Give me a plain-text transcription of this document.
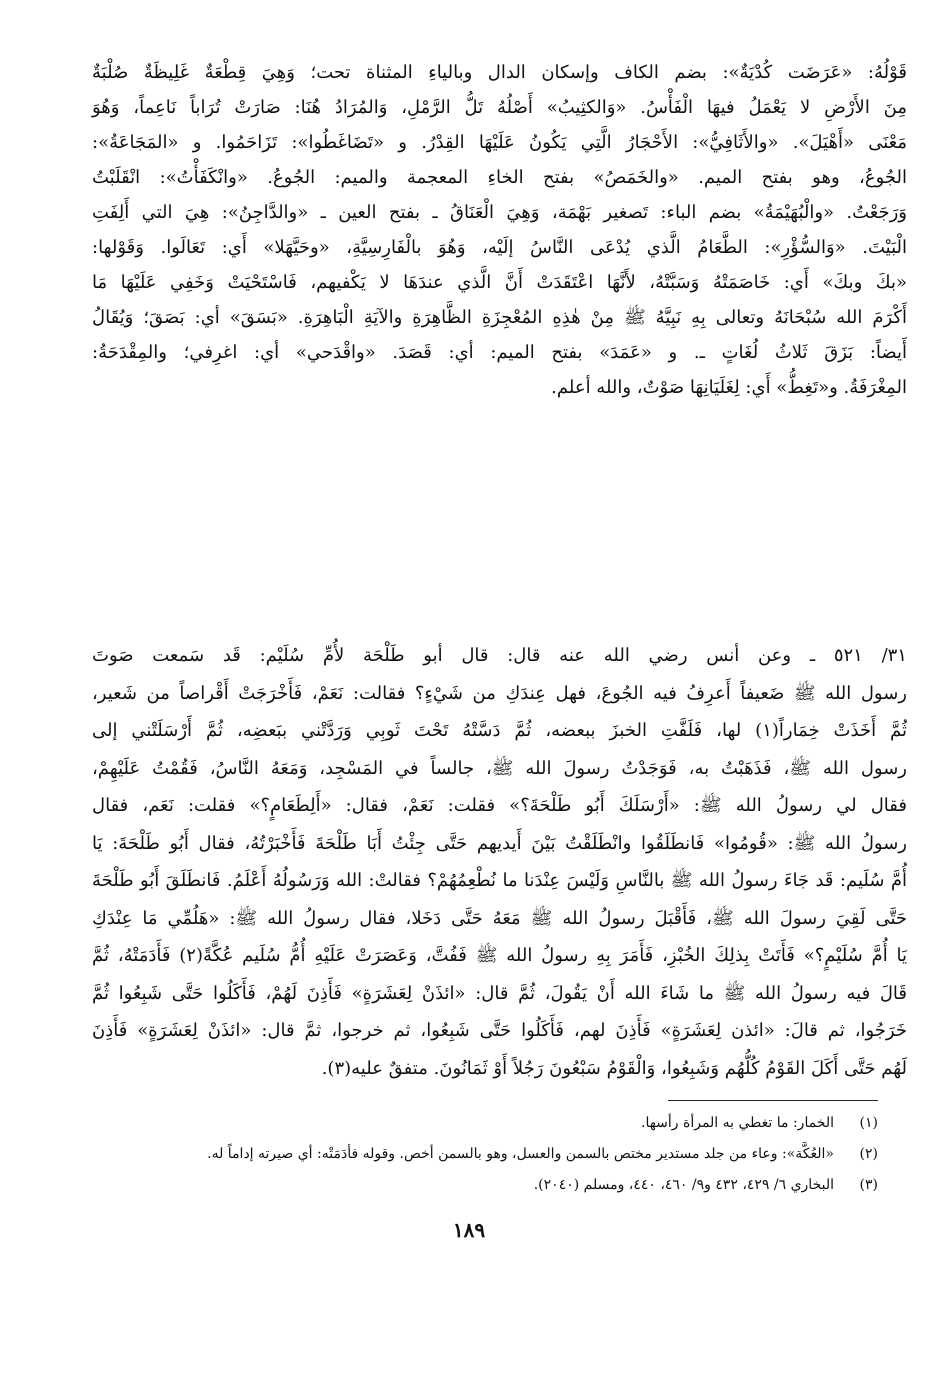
قَوْلُهُ: «عَرَضَت كُدْيَةٌ»: بضم الكاف وإسكان الدال وبالياءِ المثناة تحت؛ وَهِيَ قِطْعَةٌ غَلِيظَةٌ صُلْبَةٌ
مِنَ الأَرْضِ لا يَعْمَلُ فيهَا الْفَأْسُ. «وَالكثِيبُ» أَصْلُهُ تَلُّ الرَّمْلِ، وَالمُرَادُ هُنَا: صَارَتْ تُرَاباً نَاعِماً، وَهُوَ
مَعْنَى «أَهْيَلَ». «والأَثَافِيُّ»: الأَحْجَارُ الَّتِي يَكُونُ عَلَيْهَا القِدْرُ. و «تَضَاغَطُوا»: تَزَاحَمُوا. و «المَجَاعَةُ»:
الجُوعُ، وهو بفتح الميم. «والخَمَصُ» بفتح الخاءِ المعجمة والميم: الجُوعُ. «وانْكَفَأْتُ»: انْقَلَبْتُ
وَرَجَعْتُ. «والْبُهَيْمَةُ» بضم الباء: تَصغير بَهْمَة، وَهِيَ الْعَنَاقُ ـ بفتح العين ـ «والدَّاجِنُ»: هِيَ التي أَلِفَتِ
الْبَيْتَ. «وَالسُّؤْرِ»: الطَّعَامُ الَّذي يُدْعَى النَّاسُ إلَيْه، وَهُوَ بالْفَارِسِيَّةِ، «وحَيَّهَلا» أَي: تَعَالَوا. وَقَوْلها:
«بكَ وبكَ» أَي: خَاصَمَتْهُ وَسَبَّتْهُ، لأَنَّهَا اعْتَقَدَتْ أَنَّ الَّذي عندَهَا لا يَكْفيهم، فَاسْتَحْيَتْ وَخَفِي عَلَيْهَا مَا
أَكْرَمَ الله سُبْحَانَهُ وتعالى بِهِ نَبِيَّهُ ﷺ مِنْ هٰذِهِ المُعْجِزَةِ الظَّاهِرَةِ والآيَةِ الْبَاهِرَةِ. «بَسَقَ» أي: بَصَقَ؛ وَيُقَالُ
أَيضاً: بَزَقَ ثَلاثُ لُغَاتٍ ـ. و «عَمَدَ» بفتح الميم: أي: قَصَدَ. «واقْدَحي» أي: اغرِفي؛ والمِقْدَحَةُ:
المِغْرَفَةُ. و«تَغِطُّ» أَي: لِغَلَيَانِهَا صَوْتٌ، والله أعلم.
٣١/ ٥٢١ ـ وعن أنس رضي الله عنه قال: قال أبو طَلْحَة لأُمِّ سُلَيْم: قَد سَمعت صَوتَ
رسول الله ﷺ ضَعيفاً أَعرِفُ فيه الجُوعَ، فهل عِندَكِ من شَيْءٍ؟ فقالت: نَعَمْ، فَأَخْرَجَتْ أَقْراصاً من شَعير،
ثُمَّ أَخَذَتْ خِمَاراً(١) لها، فَلَفَّتِ الخبزَ ببعضه، ثُمَّ دَسَّتْهُ تَحْتَ ثَوبِي وَرَدَّتْني ببَعضِه، ثُمَّ أَرْسَلَتْني إلى
رسول الله ﷺ، فَذَهَبْتُ به، فَوَجَدْتُ رسولَ الله ﷺ، جالساً في المَسْجِد، وَمَعَهُ النَّاسُ، فَقُمْتُ عَلَيْهِمْ،
فقال لي رسولُ الله ﷺ: «أَرْسَلَكَ أَبُو طَلْحَةَ؟» فقلت: نَعَمْ، فقال: «أَلِطَعَامٍ؟» فقلت: نَعَم، فقال
رسولُ الله ﷺ: «قُومُوا» فَانطَلَقُوا وانْطَلَقْتُ بَيْنَ أَيديهم حَتَّى جِئْتُ أَبَا طَلْحَةَ فَأَخْبَرْتُهُ، فقال أَبُو طَلْحَةَ: يَا
أُمَّ سُلَيم: قَد جَاءَ رسولُ الله ﷺ بالنَّاسِ وَلَيْسَ عِنْدَنا ما نُطْعِمُهُمْ؟ فقالتْ: الله وَرَسُولُهُ أَعْلَمُ. فَانطَلَقَ أَبُو طَلْحَةَ
حَتَّى لَقِيَ رسولَ الله ﷺ، فَأَقْبَلَ رسولُ الله ﷺ مَعَهُ حَتَّى دَخَلا، فقال رسولُ الله ﷺ: «هَلُمِّي مَا عِنْدَكِ
يَا أُمَّ سُلَيْمٍ؟» فَأَتَتْ بِذلِكَ الخُبْزِ، فَأَمَرَ بِهِ رسولُ الله ﷺ فَفُتَّ، وَعَصَرَتْ عَلَيْهِ أُمُّ سُلَيم عُكَّةً(٢) فَأَدَمَتْهُ، ثُمَّ
قَالَ فيه رسولُ الله ﷺ ما شَاءَ الله أَنْ يَقُولَ، ثُمَّ قال: «ائذَنْ لِعَشَرَةٍ» فَأَذِنَ لَهُمْ، فَأَكَلُوا حَتَّى شَبِعُوا ثُمَّ
خَرَجُوا، ثم قالَ: «ائذن لِعَشَرَةٍ» فَأَذِنَ لهم، فَأَكَلُوا حَتَّى شَبِعُوا، ثم خرجوا، ثمَّ قال: «ائذَنْ لِعَشَرَةٍ» فَأَذِنَ
لَهُم حَتَّى أَكَلَ القَوْمُ كُلُّهُم وَشَبِعُوا، وَالْقَوْمُ سَبْعُونَ رَجُلاً أَوْ ثَمَانُونَ. متفقٌ عليه(٣).
(١)الخمار: ما تغطي به المرأة رأسها.
(٢)«العُكَّة»: وعاء من جلد مستدير مختص بالسمن والعسل، وهو بالسمن أخص. وقوله فأدَمَتْه: أي صيرته إداماً له.
(٣)البخاري ٦/ ٤٢٩، ٤٣٢ و٩/ ٤٦٠، ٤٤٠، ومسلم (٢٠٤٠).
١٨٩
